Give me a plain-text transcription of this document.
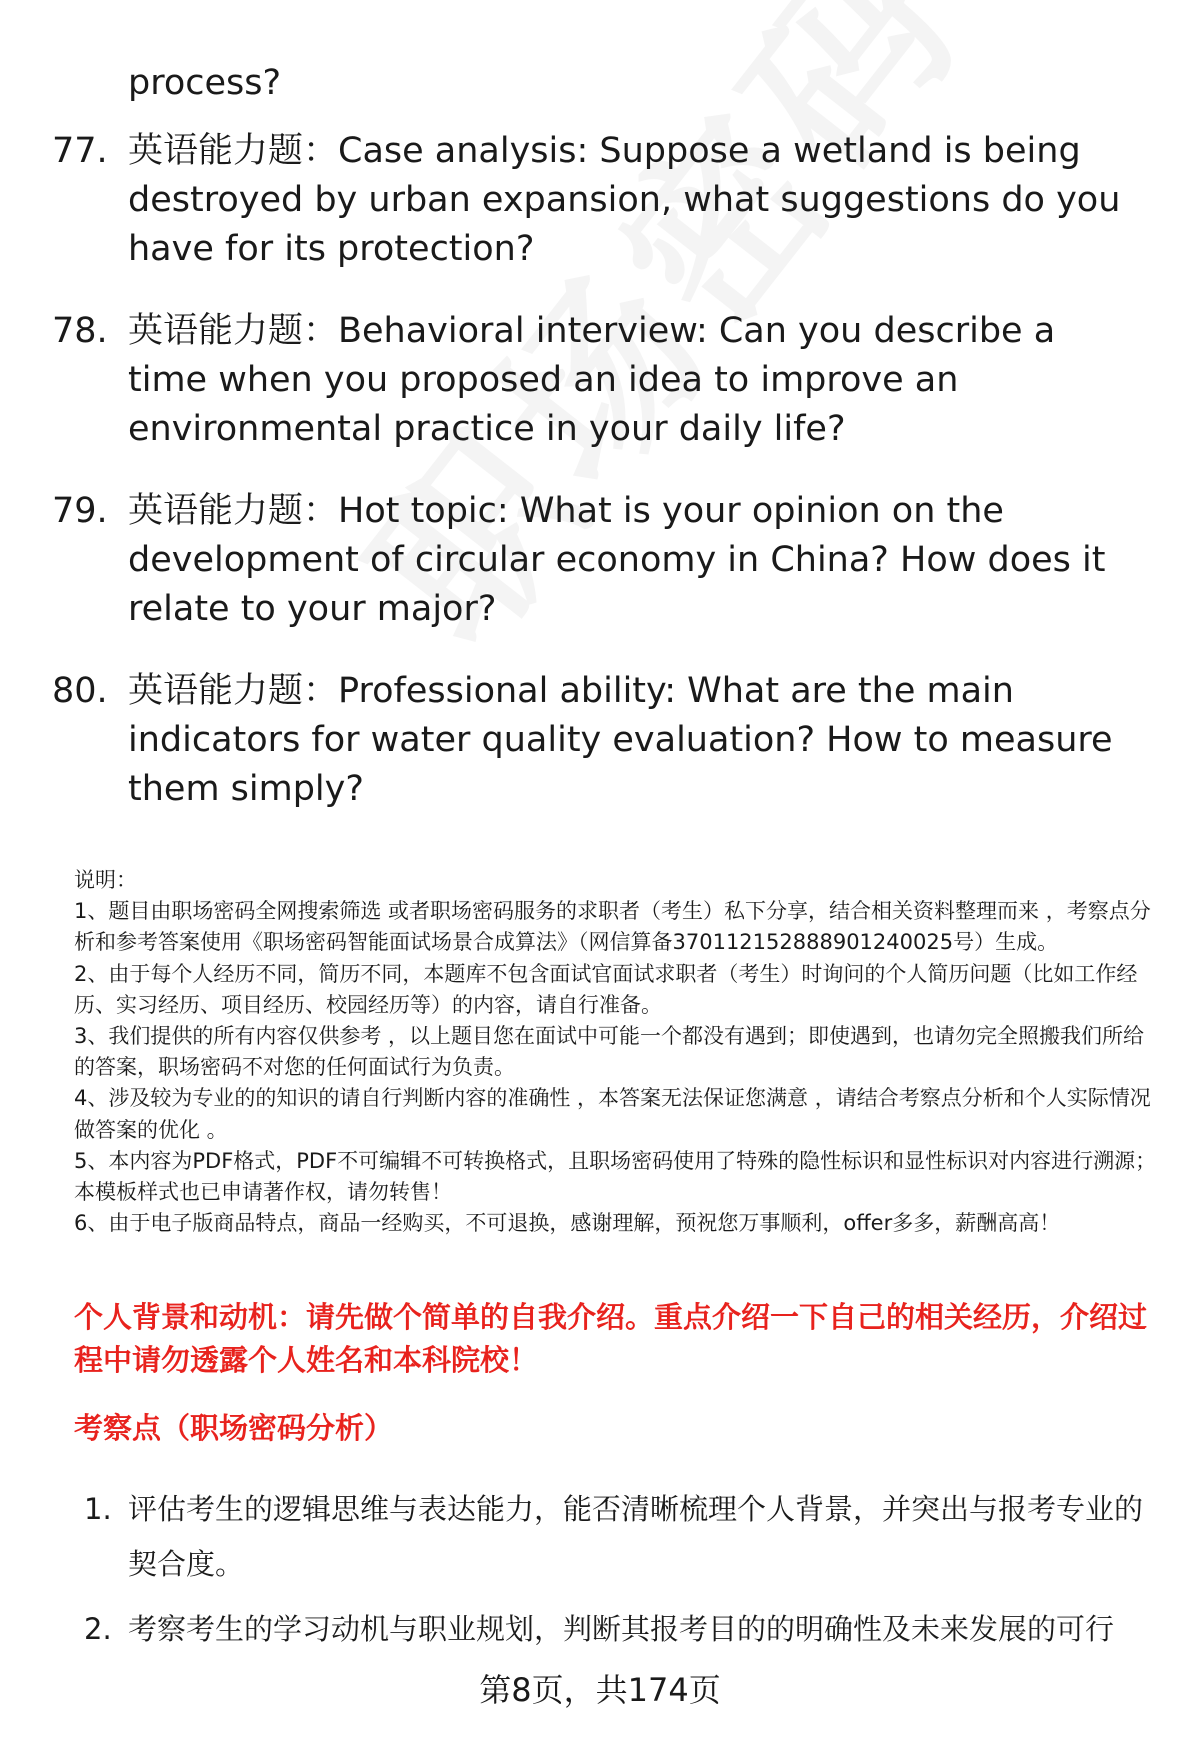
process?
77. 英语能力题：Case analysis: Suppose a wetland is being destroyed by urban expansion, what suggestions do you have for its protection?
78. 英语能力题：Behavioral interview: Can you describe a time when you proposed an idea to improve an environmental practice in your daily life?
79. 英语能力题：Hot topic: What is your opinion on the development of circular economy in China? How does it relate to your major?
80. 英语能力题：Professional ability: What are the main indicators for water quality evaluation? How to measure them simply?
说明：
1、题目由职场密码全网搜索筛选 或者职场密码服务的求职者（考生）私下分享，结合相关资料整理而来 ，考察点分析和参考答案使用《职场密码智能面试场景合成算法》（网信算备370112152888901240025号）生成。
2、由于每个人经历不同，简历不同，本题库不包含面试官面试求职者（考生）时询问的个人简历问题（比如工作经历、实习经历、项目经历、校园经历等）的内容，请自行准备。
3、我们提供的所有内容仅供参考 ，以上题目您在面试中可能一个都没有遇到；即使遇到，也请勿完全照搬我们所给的答案，职场密码不对您的任何面试行为负责。
4、涉及较为专业的的知识的请自行判断内容的准确性 ，本答案无法保证您满意 ，请结合考察点分析和个人实际情况做答案的优化 。
5、本内容为PDF格式，PDF不可编辑不可转换格式，且职场密码使用了特殊的隐性标识和显性标识对内容进行溯源；本模板样式也已申请著作权，请勿转售！
6、由于电子版商品特点，商品一经购买，不可退换，感谢理解，预祝您万事顺利，offer多多，薪酬高高！
个人背景和动机：请先做个简单的自我介绍。重点介绍一下自己的相关经历，介绍过程中请勿透露个人姓名和本科院校！
考察点（职场密码分析）
1. 评估考生的逻辑思维与表达能力，能否清晰梳理个人背景，并突出与报考专业的契合度。
2. 考察考生的学习动机与职业规划，判断其报考目的的明确性及未来发展的可行
第8页，共174页
